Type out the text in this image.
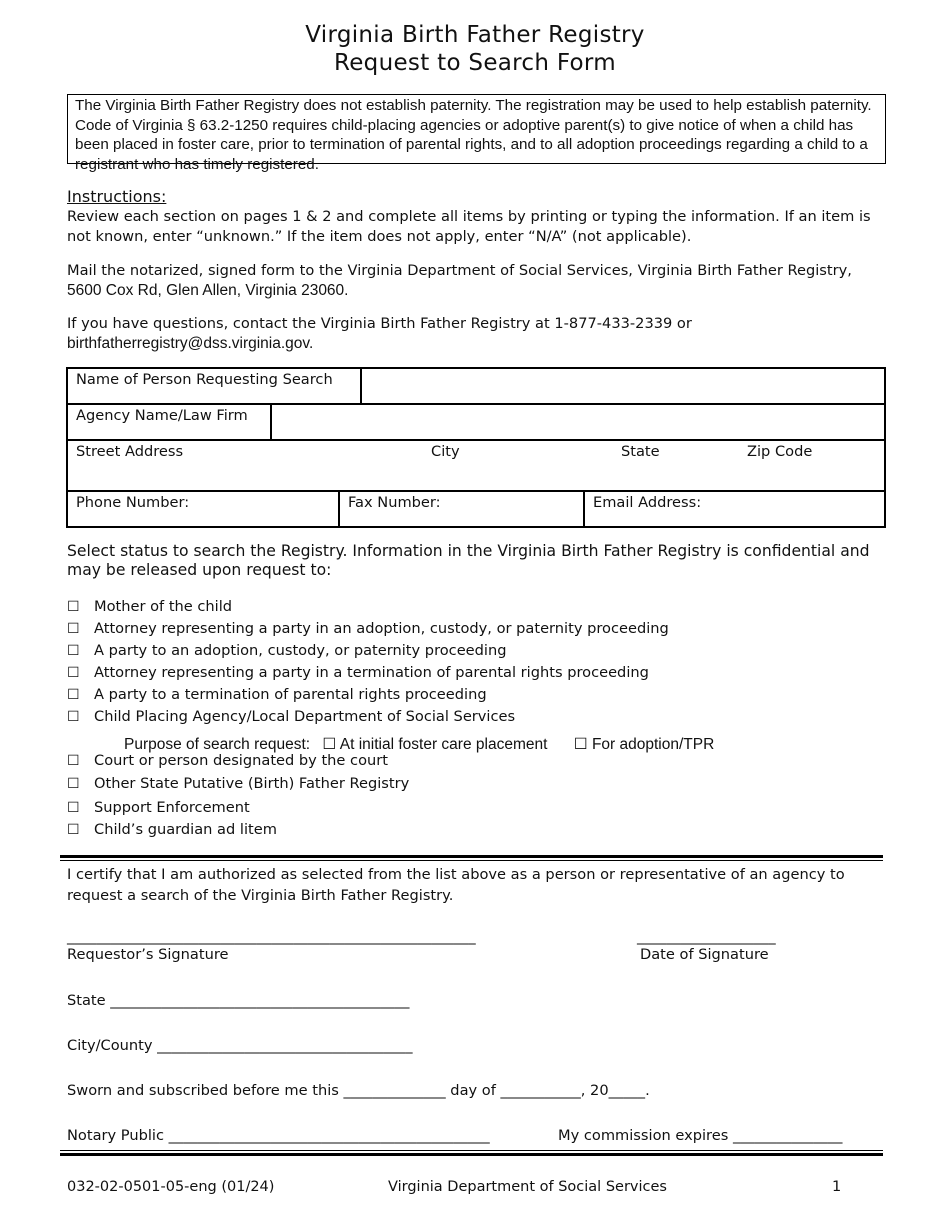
Virginia Birth Father Registry
Request to Search Form
The Virginia Birth Father Registry does not establish paternity. The registration may be used to help establish paternity. Code of Virginia § 63.2-1250 requires child-placing agencies or adoptive parent(s) to give notice of when a child has been placed in foster care, prior to termination of parental rights, and to all adoption proceedings regarding a child to a registrant who has timely registered.
Instructions:
Review each section on pages 1 & 2 and complete all items by printing or typing the information. If an item is not known, enter “unknown.” If the item does not apply, enter “N/A” (not applicable).
Mail the notarized, signed form to the Virginia Department of Social Services, Virginia Birth Father Registry,
5600 Cox Rd, Glen Allen, Virginia 23060.
If you have questions, contact the Virginia Birth Father Registry at 1-877-433-2339 or
birthfatherregistry@dss.virginia.gov.
Name of Person Requesting Search
Agency Name/Law Firm
Street Address	City	State	Zip Code
Phone Number:	Fax Number:	Email Address:
Select status to search the Registry. Information in the Virginia Birth Father Registry is confidential and may be released upon request to:
☐ Mother of the child
☐ Attorney representing a party in an adoption, custody, or paternity proceeding
☐ A party to an adoption, custody, or paternity proceeding
☐ Attorney representing a party in a termination of parental rights proceeding
☐ A party to a termination of parental rights proceeding
☐ Child Placing Agency/Local Department of Social Services
Purpose of search request: ☐ At initial foster care placement ☐ For adoption/TPR
☐ Court or person designated by the court
☐ Other State Putative (Birth) Father Registry
☐ Support Enforcement
☐ Child’s guardian ad litem
I certify that I am authorized as selected from the list above as a person or representative of an agency to request a search of the Virginia Birth Father Registry.
________________________________________________________	___________________
Requestor’s Signature	Date of Signature
State _________________________________________
City/County ___________________________________
Sworn and subscribed before me this ______________ day of ___________, 20_____.
Notary Public ____________________________________________	My commission expires _______________
032-02-0501-05-eng (01/24)	Virginia Department of Social Services	1
